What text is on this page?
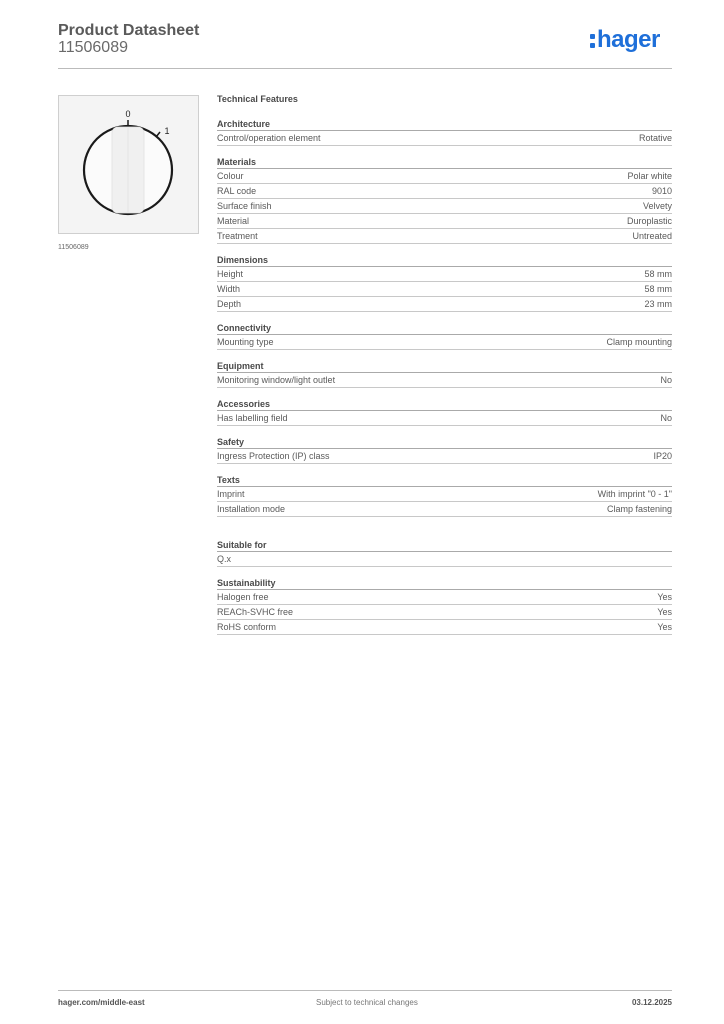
Product Datasheet
11506089	hager
0
1
11506089
Technical Features
Architecture
Control/operation element	Rotative
Materials
Colour	Polar white
RAL code	9010
Surface finish	Velvety
Material	Duroplastic
Treatment	Untreated
Dimensions
Height	58 mm
Width	58 mm
Depth	23 mm
Connectivity
Mounting type	Clamp mounting
Equipment
Monitoring window/light outlet	No
Accessories
Has labelling field	No
Safety
Ingress Protection (IP) class	IP20
Texts
Imprint	With imprint "0 - 1"
Installation mode	Clamp fastening
Suitable for
Q.x
Sustainability
Halogen free	Yes
REACh-SVHC free	Yes
RoHS conform	Yes
hager.com/middle-east	Subject to technical changes	03.12.2025
